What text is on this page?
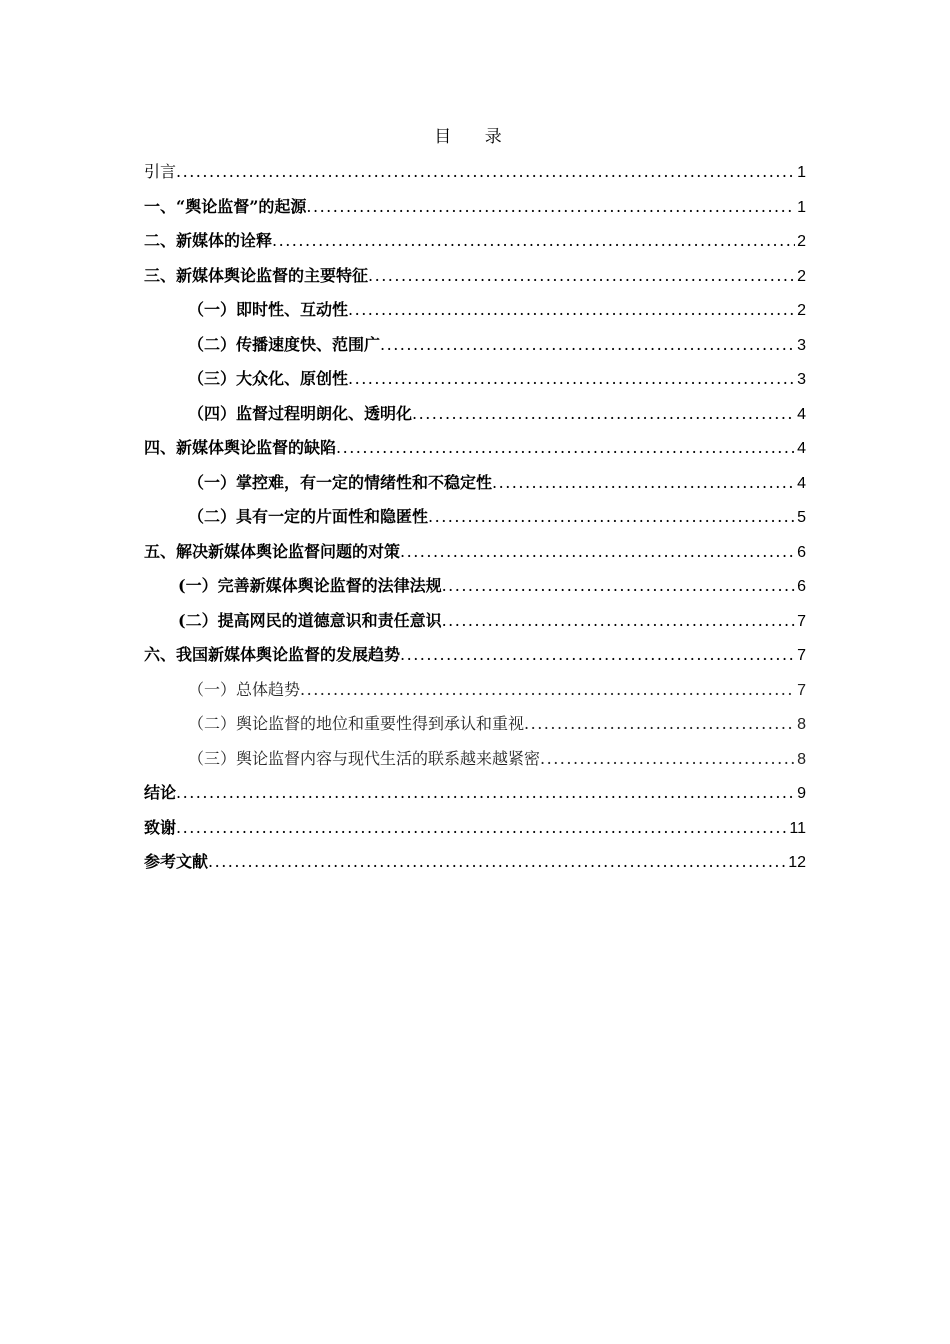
目 录
引言 .....	1
一、“舆论监督”的起源 .....	1
二、新媒体的诠释 .....	2
三、新媒体舆论监督的主要特征 .....	2
（一）即时性、互动性 .....	2
（二）传播速度快、范围广 .....	3
（三）大众化、原创性 .....	3
（四）监督过程明朗化、透明化 .....	4
四、新媒体舆论监督的缺陷 .....	4
（一）掌控难，有一定的情绪性和不稳定性 .....	4
（二）具有一定的片面性和隐匿性 .....	5
五、解决新媒体舆论监督问题的对策 .....	6
(一）完善新媒体舆论监督的法律法规 .....	6
(二）提高网民的道德意识和责任意识 .....	7
六、我国新媒体舆论监督的发展趋势 .....	7
（一）总体趋势 .....	7
（二）舆论监督的地位和重要性得到承认和重视 .....	8
（三）舆论监督内容与现代生活的联系越来越紧密 .....	8
结论 .....	9
致谢 .....	11
参考文献 .....	12
